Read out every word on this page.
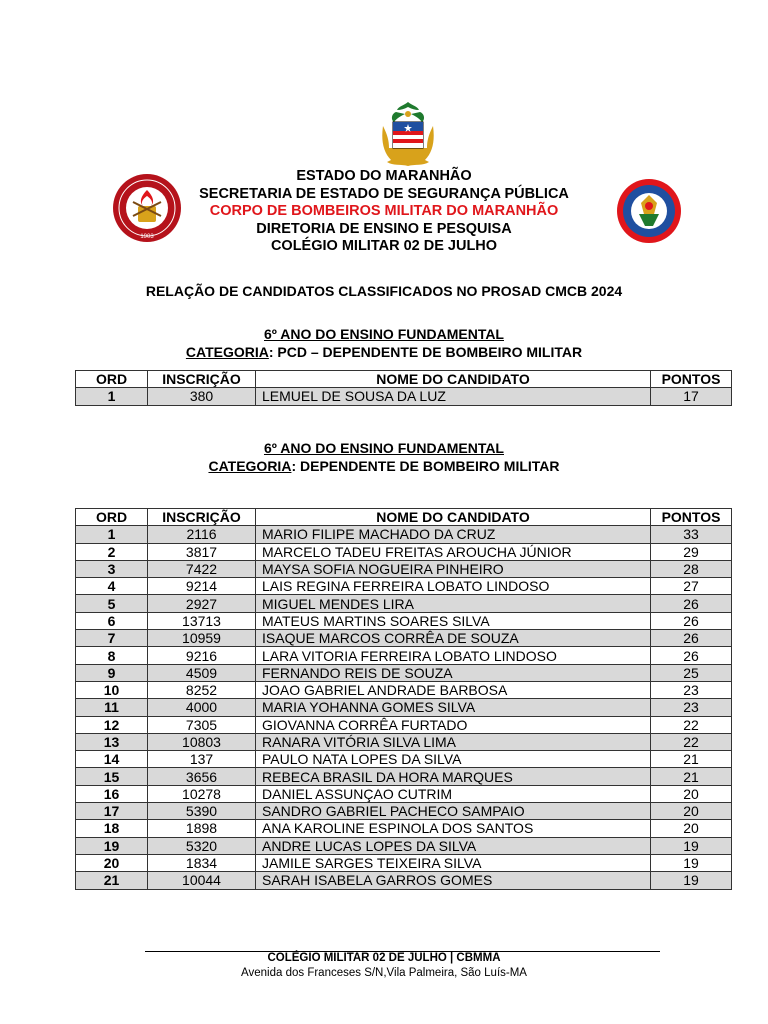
1903
ESTADO DO MARANHÃO
SECRETARIA DE ESTADO DE SEGURANÇA PÚBLICA
CORPO DE BOMBEIROS MILITAR DO MARANHÃO
DIRETORIA DE ENSINO E PESQUISA
COLÉGIO MILITAR 02 DE JULHO
RELAÇÃO DE CANDIDATOS CLASSIFICADOS NO PROSAD CMCB 2024
6º ANO DO ENSINO FUNDAMENTAL
CATEGORIA: PCD – DEPENDENTE DE BOMBEIRO MILITAR
ORD	INSCRIÇÃO	NOME DO CANDIDATO	PONTOS
1	380	LEMUEL DE SOUSA DA LUZ	17
6º ANO DO ENSINO FUNDAMENTAL
CATEGORIA: DEPENDENTE DE BOMBEIRO MILITAR
ORD	INSCRIÇÃO	NOME DO CANDIDATO	PONTOS
1	2116	MARIO FILIPE MACHADO DA CRUZ	33
2	3817	MARCELO TADEU FREITAS AROUCHA JÚNIOR	29
3	7422	MAYSA SOFIA NOGUEIRA PINHEIRO	28
4	9214	LAIS REGINA FERREIRA LOBATO LINDOSO	27
5	2927	MIGUEL MENDES LIRA	26
6	13713	MATEUS MARTINS SOARES SILVA	26
7	10959	ISAQUE MARCOS CORRÊA DE SOUZA	26
8	9216	LARA VITORIA FERREIRA LOBATO LINDOSO	26
9	4509	FERNANDO REIS DE SOUZA	25
10	8252	JOAO GABRIEL ANDRADE BARBOSA	23
11	4000	MARIA YOHANNA GOMES SILVA	23
12	7305	GIOVANNA CORRÊA FURTADO	22
13	10803	RANARA VITÓRIA SILVA LIMA	22
14	137	PAULO NATA LOPES DA SILVA	21
15	3656	REBECA BRASIL DA HORA MARQUES	21
16	10278	DANIEL ASSUNÇAO CUTRIM	20
17	5390	SANDRO GABRIEL PACHECO SAMPAIO	20
18	1898	ANA KAROLINE ESPINOLA DOS SANTOS	20
19	5320	ANDRE LUCAS LOPES DA SILVA	19
20	1834	JAMILE SARGES TEIXEIRA SILVA	19
21	10044	SARAH ISABELA GARROS GOMES	19
COLÉGIO MILITAR 02 DE JULHO | CBMMA
Avenida dos Franceses S/N,Vila Palmeira, São Luís-MA
